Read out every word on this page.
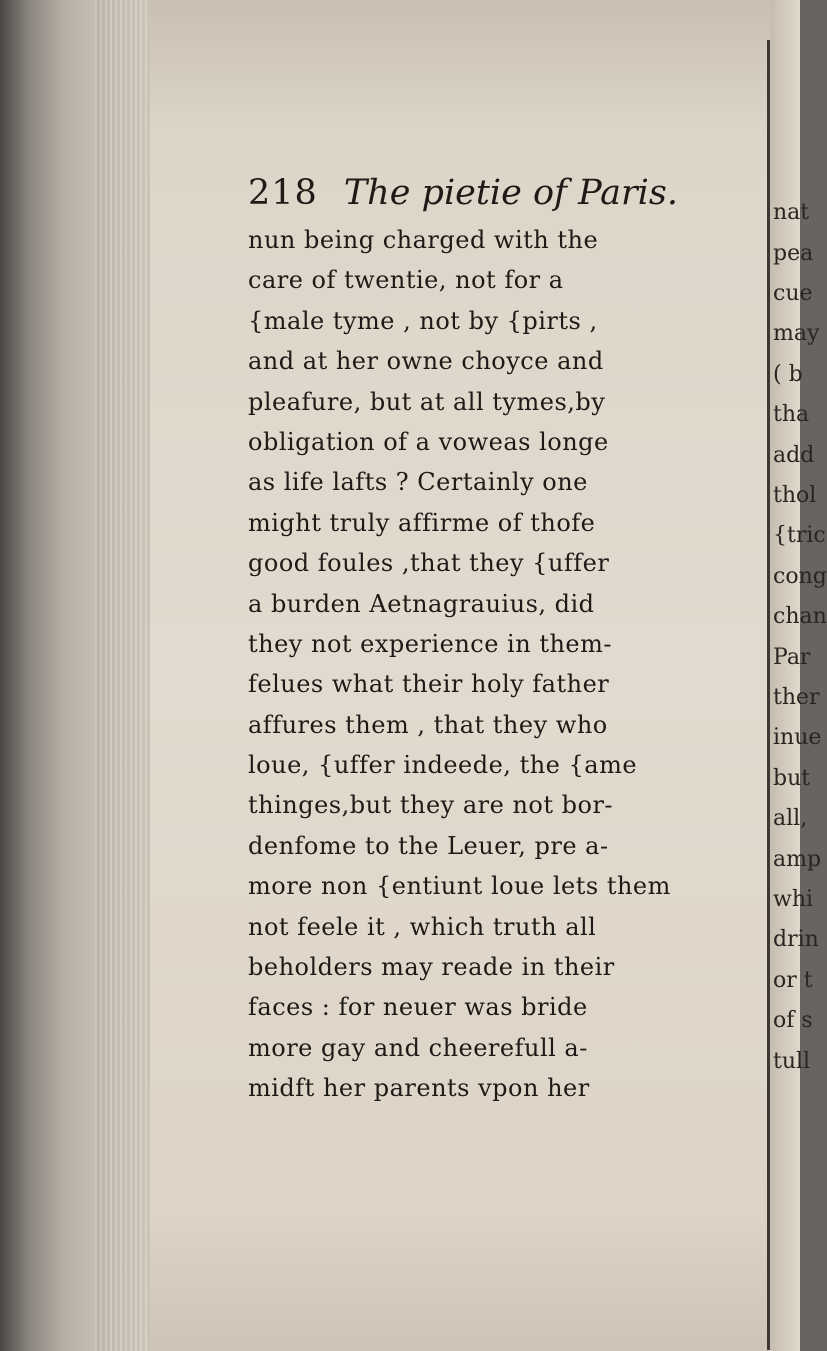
nat
pea
cue
may
( b
tha
add
thol
{tric
cong
chan
Par
ther
inue
but
all,
amp
whi
drin
or t
of s
tull
218 The pietie of Paris.
nun being charged with the
care of twentie, not for a
{male tyme , not by {pirts ,
and at her owne choyce and
pleafure, but at all tymes,by
obligation of a voweas longe
as life lafts ? Certainly one
might truly affirme of thofe
good foules ,that they {uffer
a burden Aetnagrauius, did
they not experience in them-
felues what their holy father
affures them , that they who
loue, {uffer indeede, the {ame
thinges,but they are not bor-
denfome to the Leuer, pre a-
more non {entiunt loue lets them
not feele it , which truth all
beholders may reade in their
faces : for neuer was bride
more gay and cheerefull a-
midft her parents vpon her
